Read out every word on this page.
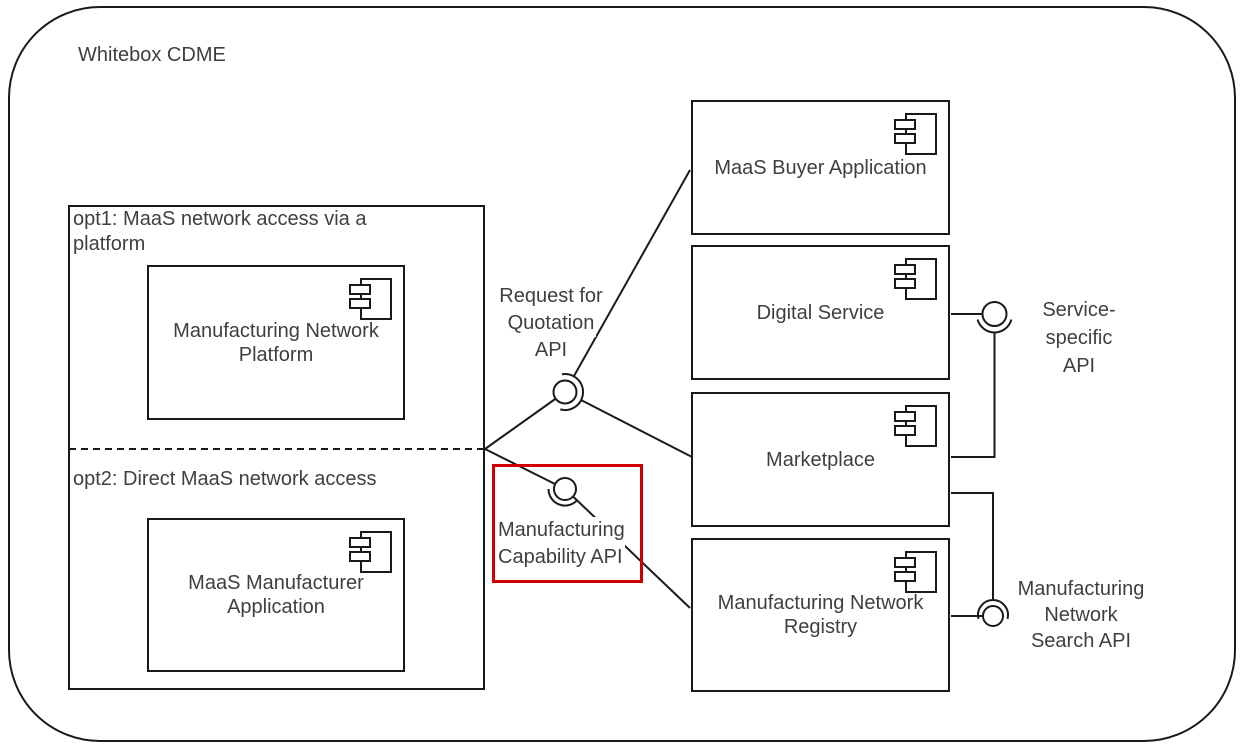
Whitebox CDME
opt1: MaaS network access via a platform
opt2: Direct MaaS network access
Manufacturing Network
Platform
MaaS Manufacturer
Application
MaaS Buyer Application
Digital Service
Marketplace
Manufacturing Network
Registry
Request for
Quotation
API
Manufacturing
Capability API
Service-
specific
API
Manufacturing
Network
Search API
